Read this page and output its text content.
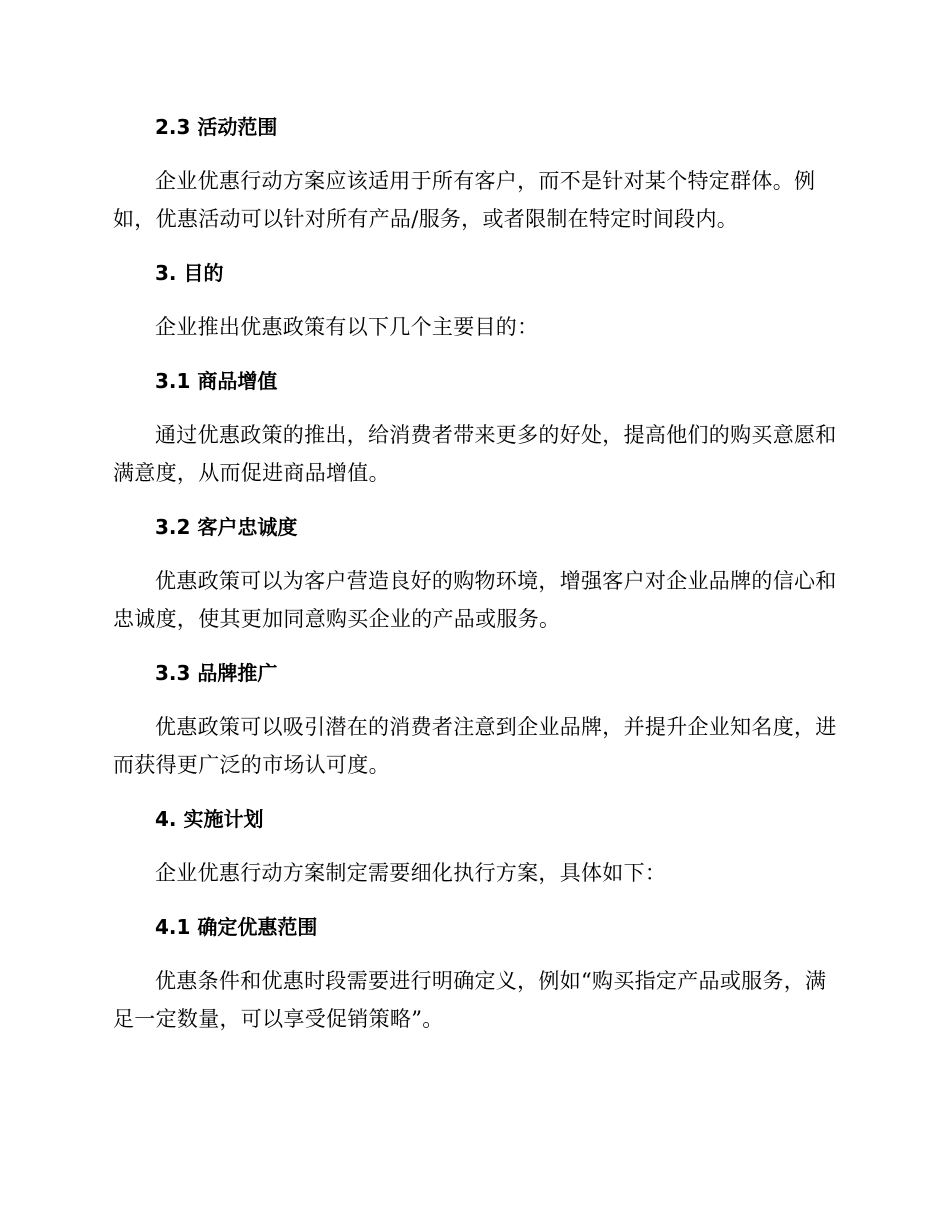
2.3 活动范围

企业优惠行动方案应该适用于所有客户，而不是针对某个特定群体。例如，优惠活动可以针对所有产品/服务，或者限制在特定时间段内。

3. 目的

企业推出优惠政策有以下几个主要目的：

3.1 商品增值

通过优惠政策的推出，给消费者带来更多的好处，提高他们的购买意愿和满意度，从而促进商品增值。

3.2 客户忠诚度

优惠政策可以为客户营造良好的购物环境，增强客户对企业品牌的信心和忠诚度，使其更加同意购买企业的产品或服务。

3.3 品牌推广

优惠政策可以吸引潜在的消费者注意到企业品牌，并提升企业知名度，进而获得更广泛的市场认可度。

4. 实施计划

企业优惠行动方案制定需要细化执行方案，具体如下：

4.1 确定优惠范围

优惠条件和优惠时段需要进行明确定义，例如“购买指定产品或服务，满足一定数量，可以享受促销策略”。
